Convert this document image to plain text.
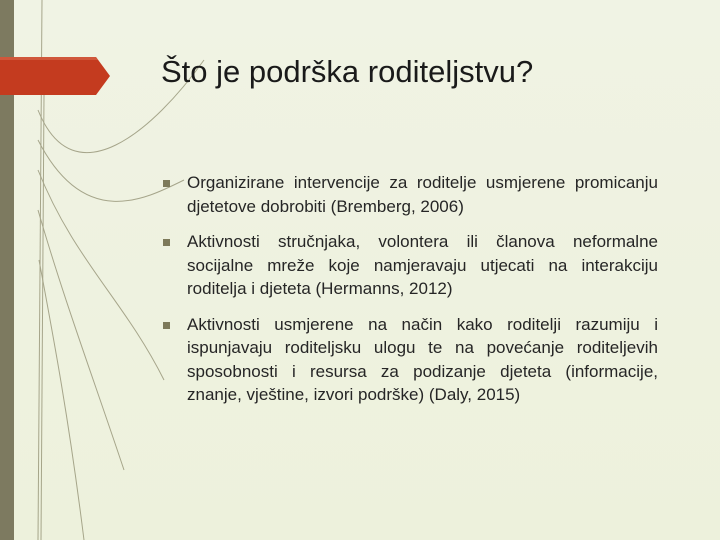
Što je podrška roditeljstvu?
Organizirane intervencije za roditelje usmjerene promicanju djetetove dobrobiti (Bremberg, 2006)
Aktivnosti stručnjaka, volontera ili članova neformalne socijalne mreže koje namjeravaju utjecati na interakciju roditelja i djeteta (Hermanns, 2012)
Aktivnosti usmjerene na način kako roditelji razumiju i ispunjavaju roditeljsku ulogu te na povećanje roditeljevih sposobnosti i resursa za podizanje djeteta (informacije, znanje, vještine, izvori podrške) (Daly, 2015)
